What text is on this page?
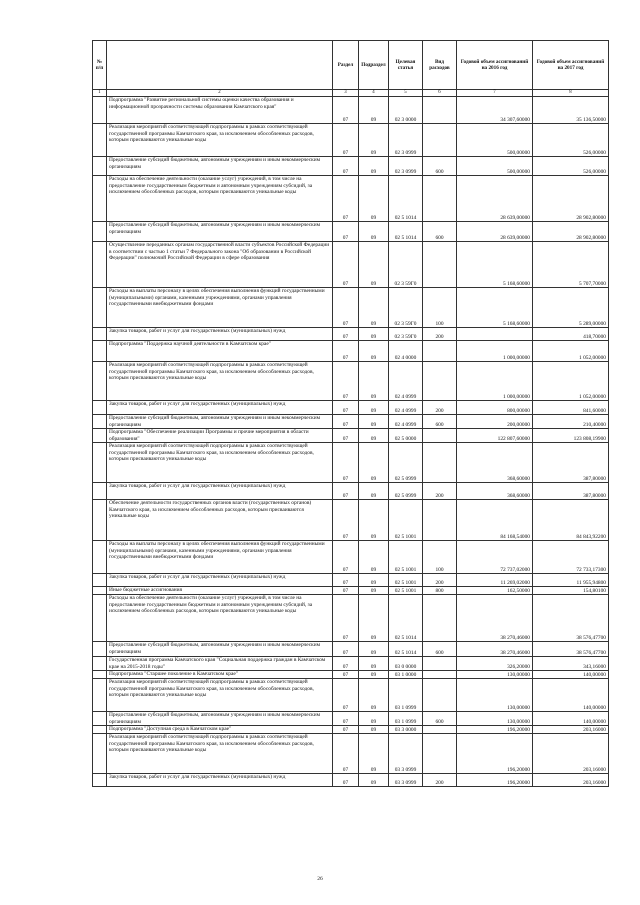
№ п/п		Раздел	Подраздел	Целевая статья	Вид расходов	Годовой объем ассигнований на 2016 год	Годовой объем ассигнований на 2017 год
1	2	3	4	5	6	7	8
	Подпрограмма "Развитие региональной системы оценки качества образования и информационной прозрачности системы образования Камчатского края"	07	09	02 3 0000		34 307,60000	35 136,50000
	Реализация мероприятий соответствующей подпрограммы в рамках соответствующей государственной программы Камчатского края, за исключением обособленных расходов, которым присваиваются уникальные коды	07	09	02 3 0999		500,00000	526,00000
	Предоставление субсидий бюджетным, автономным учреждениям и иным некоммерческим организациям	07	09	02 3 0999	600	500,00000	526,00000
	Расходы на обеспечение деятельности (оказание услуг) учреждений, в том числе на предоставление государственным бюджетным и автономным учреждениям субсидий, за исключением обособленных расходов, которым присваиваются уникальные коды	07	09	02 5 1014		28 639,00000	28 902,80000
	Предоставление субсидий бюджетным, автономным учреждениям и иным некоммерческим организациям	07	09	02 5 1014	600	28 639,00000	28 902,80000
	Осуществление переданных органам государственной власти субъектов Российской Федерации в соответствии с частью 1 статьи 7 Федерального закона "Об образовании в Российской Федерации" полномочий Российской Федерации в сфере образования	07	09	02 3 59Г0		5 168,60000	5 707,70000
	Расходы на выплаты персоналу в целях обеспечения выполнения функций государственными (муниципальными) органами, казенными учреждениями, органами управления государственными внебюджетными фондами	07	09	02 3 59Г0	100	5 168,60000	5 289,00000
	Закупка товаров, работ и услуг для государственных (муниципальных) нужд	07	09	02 3 59Г0	200		418,70000
	Подпрограмма "Поддержка научной деятельности в Камчатском крае"	07	09	02 4 0000		1 000,00000	1 052,00000
	Реализация мероприятий соответствующей подпрограммы в рамках соответствующей государственной программы Камчатского края, за исключением обособленных расходов, которым присваиваются уникальные коды	07	09	02 4 0999		1 000,00000	1 052,00000
	Закупка товаров, работ и услуг для государственных (муниципальных) нужд	07	09	02 4 0999	200	800,00000	841,60000
	Предоставление субсидий бюджетным, автономным учреждениям и иным некоммерческим организациям	07	09	02 4 0999	600	200,00000	210,40000
	Подпрограмма "Обеспечение реализации Программы и прочие мероприятия в области образования"	07	09	02 5 0000		122 807,60000	123 808,19900
	Реализация мероприятий соответствующей подпрограммы в рамках соответствующей государственной программы Камчатского края, за исключением обособленных расходов, которым присваиваются уникальные коды	07	09	02 5 0999		368,60000	387,80000
	Закупка товаров, работ и услуг для государственных (муниципальных) нужд	07	09	02 5 0999	200	368,60000	387,80000
	Обеспечение деятельности государственных органов власти (государственных органов) Камчатского края, за исключением обособленных расходов, которым присваиваются уникальные коды	07	09	02 5 1001		84 168,54000	84 843,92200
	Расходы на выплаты персоналу в целях обеспечения выполнения функций государственными (муниципальными) органами, казенными учреждениями, органами управления государственными внебюджетными фондами	07	09	02 5 1001	100	72 737,02000	72 733,17300
	Закупка товаров, работ и услуг для государственных (муниципальных) нужд	07	09	02 5 1001	200	11 269,02000	11 955,94800
	Иные бюджетные ассигнования	07	09	02 5 1001	800	162,50000	154,80100
	Расходы на обеспечение деятельности (оказание услуг) учреждений, в том числе на предоставление государственным бюджетным и автономным учреждениям субсидий, за исключением обособленных расходов, которым присваиваются уникальные коды	07	09	02 5 1014		38 270,46000	38 576,47700
	Предоставление субсидий бюджетным, автономным учреждениям и иным некоммерческим организациям	07	09	02 5 1014	600	38 270,46000	38 576,47700
	Государственная программа Камчатского края "Социальная поддержка граждан в Камчатском крае на 2015-2018 годы"	07	09	03 0 0000		326,20000	343,16000
	Подпрограмма "Старшее поколение в Камчатском крае"	07	09	03 1 0000		130,00000	140,00000
	Реализация мероприятий соответствующей подпрограммы в рамках соответствующей государственной программы Камчатского края, за исключением обособленных расходов, которым присваиваются уникальные коды	07	09	03 1 0999		130,00000	140,00000
	Предоставление субсидий бюджетным, автономным учреждениям и иным некоммерческим организациям	07	09	03 1 0999	600	130,00000	140,00000
	Подпрограмма "Доступная среда в Камчатском крае"	07	09	03 3 0000		196,20000	203,16000
	Реализация мероприятий соответствующей подпрограммы в рамках соответствующей государственной программы Камчатского края, за исключением обособленных расходов, которым присваиваются уникальные коды	07	09	03 3 0999		196,20000	203,16000
	Закупка товаров, работ и услуг для государственных (муниципальных) нужд	07	09	03 3 0999	200	196,20000	203,16000
26
